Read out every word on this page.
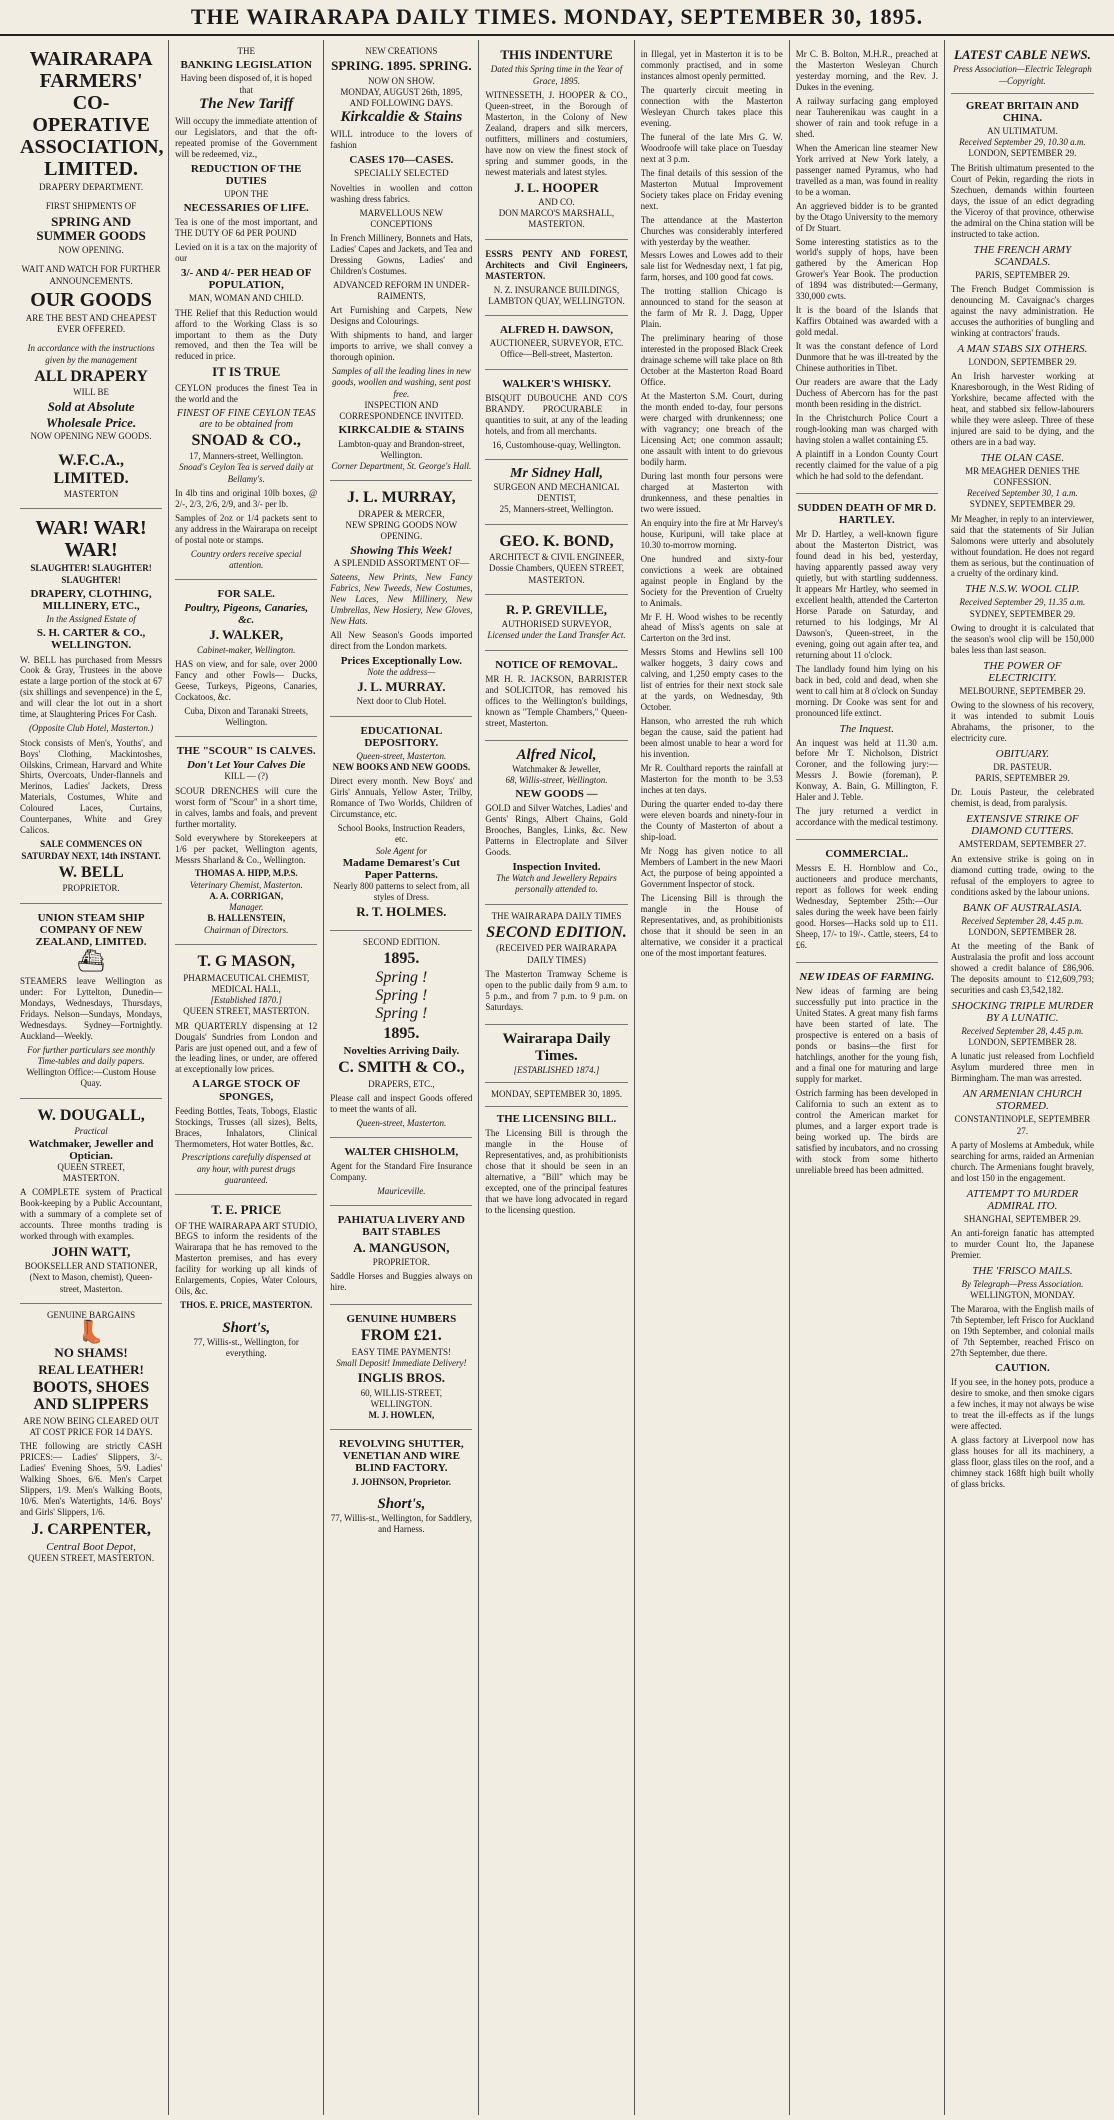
THE WAIRARAPA DAILY TIMES. MONDAY, SEPTEMBER 30, 1895.
WAIRARAPA FARMERS' CO-OPERATIVE ASSOCIATION, LIMITED.
DRAPERY DEPARTMENT.
FIRST SHIPMENTS OF
SPRING AND SUMMER GOODS
NOW OPENING.
WAIT AND WATCH FOR FURTHER ANNOUNCEMENTS.
OUR GOODS
ARE THE BEST AND CHEAPEST EVER OFFERED.
In accordance with the instructions given by the management
ALL DRAPERY
WILL BE
Sold at Absolute Wholesale Price.
NOW OPENING NEW GOODS.
W.F.C.A., LIMITED.
MASTERTON
WAR! WAR! WAR!
SLAUGHTER! SLAUGHTER! SLAUGHTER!
DRAPERY, CLOTHING, MILLINERY, ETC.,
In the Assigned Estate of
S. H. CARTER & CO., WELLINGTON.

W. BELL has purchased from Messrs Cook & Gray, Trustees in the above estate a large portion of the stock at 67 (six shillings and sevenpence) in the £, and will clear the lot out in a short time, at Slaughtering Prices For Cash.

(Opposite Club Hotel, Masterton.)

Stock consists of Men's, Youths', and Boys' Clothing, Mackintoshes, Oilskins, Crimean, Harvard and White Shirts, Overcoats, Under-flannels and Merinos, Ladies' Jackets, Dress Materials, Costumes, White and Coloured Laces, Curtains, Counterpanes, White and Grey Calicos.

SALE COMMENCES ON SATURDAY NEXT, 14th INSTANT.
W. BELL
PROPRIETOR.
UNION STEAM SHIP COMPANY OF NEW ZEALAND, LIMITED.
⛴

STEAMERS leave Wellington as under: For Lyttelton, Dunedin—Mondays, Wednesdays, Thursdays, Fridays. Nelson—Sundays, Mondays, Wednesdays. Sydney—Fortnightly. Auckland—Weekly.

For further particulars see monthly Time-tables and daily papers.
Wellington Office:—Custom House Quay.
W. DOUGALL,
Practical
Watchmaker, Jeweller and Optician.
QUEEN STREET,
MASTERTON.

A COMPLETE system of Practical Book-keeping by a Public Accountant, with a summary of a complete set of accounts. Three months trading is worked through with examples.

JOHN WATT,
BOOKSELLER AND STATIONER, (Next to Mason, chemist), Queen-street, Masterton.
GENUINE BARGAINS
👢
NO SHAMS!
REAL LEATHER!
BOOTS, SHOES AND SLIPPERS
ARE NOW BEING CLEARED OUT AT COST PRICE FOR 14 DAYS.

THE following are strictly CASH PRICES:— Ladies' Slippers, 3/-. Ladies' Evening Shoes, 5/9. Ladies' Walking Shoes, 6/6. Men's Carpet Slippers, 1/9. Men's Walking Boots, 10/6. Men's Watertights, 14/6. Boys' and Girls' Slippers, 1/6.

J. CARPENTER,
Central Boot Depot,
QUEEN STREET, MASTERTON.
THE
BANKING LEGISLATION
Having been disposed of, it is hoped that
The New Tariff

Will occupy the immediate attention of our Legislators, and that the oft-repeated promise of the Government will be redeemed, viz.,

REDUCTION OF THE DUTIES
UPON THE
NECESSARIES OF LIFE.

Tea is one of the most important, and THE DUTY OF 6d PER POUND

Levied on it is a tax on the majority of our

3/- AND 4/- PER HEAD OF POPULATION,
MAN, WOMAN AND CHILD.

THE Relief that this Reduction would afford to the Working Class is so important to them as the Duty removed, and then the Tea will be reduced in price.

IT IS TRUE

CEYLON produces the finest Tea in the world and the

FINEST OF FINE CEYLON TEAS are to be obtained from
SNOAD & CO.,
17, Manners-street, Wellington.
Snoad's Ceylon Tea is served daily at Bellamy's.

In 4lb tins and original 10lb boxes, @ 2/-, 2/3, 2/6, 2/9, and 3/- per lb.

Samples of 2oz or 1/4 packets sent to any address in the Wairarapa on receipt of postal note or stamps.

Country orders receive special attention.
FOR SALE.
Poultry, Pigeons, Canaries, &c.
J. WALKER,
Cabinet-maker, Wellington.

HAS on view, and for sale, over 2000 Fancy and other Fowls— Ducks, Geese, Turkeys, Pigeons, Canaries, Cockatoos, &c.

Cuba, Dixon and Taranaki Streets, Wellington.
THE "SCOUR" IS CALVES.
Don't Let Your Calves Die
KILL — (?)

SCOUR DRENCHES will cure the worst form of "Scour" in a short time, in calves, lambs and foals, and prevent further mortality.

Sold everywhere by Storekeepers at 1/6 per packet, Wellington agents, Messrs Sharland & Co., Wellington.

THOMAS A. HIPP, M.P.S.
Veterinary Chemist, Masterton.
A. A. CORRIGAN,
Manager.
B. HALLENSTEIN,
Chairman of Directors.
T. G MASON,
PHARMACEUTICAL CHEMIST,
MEDICAL HALL,
[Established 1870.]
QUEEN STREET, MASTERTON.

MR QUARTERLY dispensing at 12 Dougals' Sundries from London and Paris are just opened out, and a few of the leading lines, or under, are offered at exceptionally low prices.

A LARGE STOCK OF SPONGES,

Feeding Bottles, Teats, Tobogs, Elastic Stockings, Trusses (all sizes), Belts, Braces, Inhalators, Clinical Thermometers, Hot water Bottles, &c.

Prescriptions carefully dispensed at any hour, with purest drugs guaranteed.
T. E. PRICE

OF THE WAIRARAPA ART STUDIO, BEGS to inform the residents of the Wairarapa that he has removed to the Masterton premises, and has every facility for working up all kinds of Enlargements, Copies, Water Colours, Oils, &c.

THOS. E. PRICE, MASTERTON.
Short's,
77, Willis-st., Wellington, for everything.
NEW CREATIONS
SPRING. 1895. SPRING.
NOW ON SHOW.
MONDAY, AUGUST 26th, 1895,
AND FOLLOWING DAYS.
Kirkcaldie & Stains

WILL introduce to the lovers of fashion

CASES 170—CASES.
SPECIALLY SELECTED

Novelties in woollen and cotton washing dress fabrics.

MARVELLOUS NEW CONCEPTIONS

In French Millinery, Bonnets and Hats, Ladies' Capes and Jackets, and Tea and Dressing Gowns, Ladies' and Children's Costumes.

ADVANCED REFORM IN UNDER-RAIMENTS,

Art Furnishing and Carpets, New Designs and Colourings.

With shipments to hand, and larger imports to arrive, we shall convey a thorough opinion.

Samples of all the leading lines in new goods, woollen and washing, sent post free.
INSPECTION AND CORRESPONDENCE INVITED.
KIRKCALDIE & STAINS
Lambton-quay and Brandon-street, Wellington.
Corner Department, St. George's Hall.
J. L. MURRAY,
DRAPER & MERCER,
NEW SPRING GOODS NOW OPENING.
Showing This Week!
A SPLENDID ASSORTMENT OF—

Sateens, New Prints, New Fancy Fabrics, New Tweeds, New Costumes, New Laces, New Millinery, New Umbrellas, New Hosiery, New Gloves, New Hats.

All New Season's Goods imported direct from the London markets.

Prices Exceptionally Low.
Note the address—
J. L. MURRAY.
Next door to Club Hotel.
EDUCATIONAL DEPOSITORY.
Queen-street, Masterton.
NEW BOOKS AND NEW GOODS.

Direct every month. New Boys' and Girls' Annuals, Yellow Aster, Trilby, Romance of Two Worlds, Children of Circumstance, etc.

School Books, Instruction Readers, etc.
Sole Agent for
Madame Demarest's Cut Paper Patterns.
Nearly 800 patterns to select from, all styles of Dress.
R. T. HOLMES.
SECOND EDITION.
1895.
Spring !
Spring !
Spring !
1895.
Novelties Arriving Daily.
C. SMITH & CO.,
DRAPERS, ETC.,

Please call and inspect Goods offered to meet the wants of all.

Queen-street, Masterton.
WALTER CHISHOLM,

Agent for the Standard Fire Insurance Company.

Mauriceville.
PAHIATUA LIVERY AND BAIT STABLES
A. MANGUSON,
PROPRIETOR.

Saddle Horses and Buggies always on hire.

GENUINE HUMBERS
FROM £21.
EASY TIME PAYMENTS!
Small Deposit! Immediate Delivery!
INGLIS BROS.
60, WILLIS-STREET, WELLINGTON.
M. J. HOWLEN,
REVOLVING SHUTTER, VENETIAN AND WIRE BLIND FACTORY.
J. JOHNSON, Proprietor.
Short's,
77, Willis-st., Wellington, for Saddlery, and Harness.
THIS INDENTURE
Dated this Spring time in the Year of Grace, 1895.

WITNESSETH, J. HOOPER & CO., Queen-street, in the Borough of Masterton, in the Colony of New Zealand, drapers and silk mercers, outfitters, milliners and costumiers, have now on view the finest stock of spring and summer goods, in the newest materials and latest styles.

J. L. HOOPER
AND CO.
DON MARCO'S MARSHALL, MASTERTON.

ESSRS PENTY AND FOREST, Architects and Civil Engineers, MASTERTON.

N. Z. INSURANCE BUILDINGS, LAMBTON QUAY, WELLINGTON.
ALFRED H. DAWSON,
AUCTIONEER, SURVEYOR, ETC.
Office—Bell-street, Masterton.
WALKER'S WHISKY.

BISQUIT DUBOUCHE AND CO'S BRANDY. PROCURABLE in quantities to suit, at any of the leading hotels, and from all merchants.

16, Customhouse-quay, Wellington.
Mr Sidney Hall,
SURGEON AND MECHANICAL DENTIST,
25, Manners-street, Wellington.
GEO. K. BOND,
ARCHITECT & CIVIL ENGINEER,
Dossie Chambers, QUEEN STREET, MASTERTON.
R. P. GREVILLE,
AUTHORISED SURVEYOR,
Licensed under the Land Transfer Act.
NOTICE OF REMOVAL.

MR H. R. JACKSON, BARRISTER and SOLICITOR, has removed his offices to the Wellington's buildings, known as "Temple Chambers," Queen-street, Masterton.

Alfred Nicol,
Watchmaker & Jeweller,
68, Willis-street, Wellington.
NEW GOODS —

GOLD and Silver Watches, Ladies' and Gents' Rings, Albert Chains, Gold Brooches, Bangles, Links, &c. New Patterns in Electroplate and Silver Goods.

Inspection Invited.
The Watch and Jewellery Repairs personally attended to.
THE WAIRARAPA DAILY TIMES
SECOND EDITION.
(RECEIVED PER WAIRARAPA DAILY TIMES)

The Masterton Tramway Scheme is open to the public daily from 9 a.m. to 5 p.m., and from 7 p.m. to 9 p.m. on Saturdays.

Wairarapa Daily Times.
[ESTABLISHED 1874.]
MONDAY, SEPTEMBER 30, 1895.
THE LICENSING BILL.

The Licensing Bill is through the mangle in the House of Representatives, and, as prohibitionists chose that it should be seen in an alternative, a "Bill" which may be excepted, one of the principal features that we have long advocated in regard to the licensing question.

in Illegal, yet in Masterton it is to be commonly practised, and in some instances almost openly permitted.

The quarterly circuit meeting in connection with the Masterton Wesleyan Church takes place this evening.

The funeral of the late Mrs G. W. Woodroofe will take place on Tuesday next at 3 p.m.

The final details of this session of the Masterton Mutual Improvement Society takes place on Friday evening next.

The attendance at the Masterton Churches was considerably interfered with yesterday by the weather.

Messrs Lowes and Lowes add to their sale list for Wednesday next, 1 fat pig, farm, horses, and 100 good fat cows.

The trotting stallion Chicago is announced to stand for the season at the farm of Mr R. J. Dagg, Upper Plain.

The preliminary hearing of those interested in the proposed Black Creek drainage scheme will take place on 8th October at the Masterton Road Board Office.

At the Masterton S.M. Court, during the month ended to-day, four persons were charged with drunkenness; one with vagrancy; one breach of the Licensing Act; one common assault; one assault with intent to do grievous bodily harm.

During last month four persons were charged at Masterton with drunkenness, and these penalties in two were issued.

An enquiry into the fire at Mr Harvey's house, Kuripuni, will take place at 10.30 to-morrow morning.

One hundred and sixty-four convictions a week are obtained against people in England by the Society for the Prevention of Cruelty to Animals.

Mr F. H. Wood wishes to be recently ahead of Miss's agents on sale at Carterton on the 3rd inst.

Messrs Stoms and Hewlins sell 100 walker hoggets, 3 dairy cows and calving, and 1,250 empty cases to the list of entries for their next stock sale at the yards, on Wednesday, 9th October.

Hanson, who arrested the ruh which began the cause, said the patient had been almost unable to hear a word for his invention.

Mr R. Coulthard reports the rainfall at Masterton for the month to be 3.53 inches at ten days.

During the quarter ended to-day there were eleven boards and ninety-four in the County of Masterton of about a ship-load.

Mr Nogg has given notice to all Members of Lambert in the new Maori Act, the purpose of being appointed a Government Inspector of stock.

The Licensing Bill is through the mangle in the House of Representatives, and, as prohibitionists chose that it should be seen in an alternative, we consider it a practical one of the most important features.

Mr C. B. Bolton, M.H.R., preached at the Masterton Wesleyan Church yesterday morning, and the Rev. J. Dukes in the evening.

A railway surfacing gang employed near Tauherenikau was caught in a shower of rain and took refuge in a shed.

When the American line steamer New York arrived at New York lately, a passenger named Pyramus, who had travelled as a man, was found in reality to be a woman.

An aggrieved bidder is to be granted by the Otago University to the memory of Dr Stuart.

Some interesting statistics as to the world's supply of hops, have been gathered by the American Hop Grower's Year Book. The production of 1894 was distributed:—Germany, 330,000 cwts.

It is the board of the Islands that Kaffirs Obtained was awarded with a gold medal.

It was the constant defence of Lord Dunmore that he was ill-treated by the Chinese authorities in Tibet.

Our readers are aware that the Lady Duchess of Abercorn has for the past month been residing in the district.

In the Christchurch Police Court a rough-looking man was charged with having stolen a wallet containing £5.

A plaintiff in a London County Court recently claimed for the value of a pig which he had sold to the defendant.

SUDDEN DEATH OF MR D. HARTLEY.

Mr D. Hartley, a well-known figure about the Masterton District, was found dead in his bed, yesterday, having apparently passed away very quietly, but with startling suddenness. It appears Mr Hartley, who seemed in excellent health, attended the Carterton Horse Parade on Saturday, and returned to his lodgings, Mr Al Dawson's, Queen-street, in the evening, going out again after tea, and returning about 11 o'clock.

The landlady found him lying on his back in bed, cold and dead, when she went to call him at 8 o'clock on Sunday morning. Dr Cooke was sent for and pronounced life extinct.

The Inquest.

An inquest was held at 11.30 a.m. before Mr T. Nicholson, District Coroner, and the following jury:— Messrs J. Bowie (foreman), P. Konway, A. Bain, G. Millington, F. Haler and J. Teble.

The jury returned a verdict in accordance with the medical testimony.

COMMERCIAL.

Messrs E. H. Hornblow and Co., auctioneers and produce merchants, report as follows for week ending Wednesday, September 25th:—Our sales during the week have been fairly good. Horses—Hacks sold up to £11. Sheep, 17/- to 19/-. Cattle, steers, £4 to £6.

NEW IDEAS OF FARMING.

New ideas of farming are being successfully put into practice in the United States. A great many fish farms have been started of late. The prospective is entered on a basis of ponds or basins—the first for hatchlings, another for the young fish, and a final one for maturing and large supply for market.

Ostrich farming has been developed in California to such an extent as to control the American market for plumes, and a larger export trade is being worked up. The birds are satisfied by incubators, and no crossing with stock from some hitherto unreliable breed has been admitted.

LATEST CABLE NEWS.
Press Association—Electric Telegraph—Copyright.
GREAT BRITAIN AND CHINA.
AN ULTIMATUM.
Received September 29, 10.30 a.m.
LONDON, SEPTEMBER 29.

The British ultimatum presented to the Court of Pekin, regarding the riots in Szechuen, demands within fourteen days, the issue of an edict degrading the Viceroy of that province, otherwise the admiral on the China station will be instructed to take action.

THE FRENCH ARMY SCANDALS.
PARIS, SEPTEMBER 29.

The French Budget Commission is denouncing M. Cavaignac's charges against the navy administration. He accuses the authorities of bungling and winking at contractors' frauds.

A MAN STABS SIX OTHERS.
LONDON, SEPTEMBER 29.

An Irish harvester working at Knaresborough, in the West Riding of Yorkshire, became affected with the heat, and stabbed six fellow-labourers while they were asleep. Three of these injured are said to be dying, and the others are in a bad way.

THE OLAN CASE.
MR MEAGHER DENIES THE CONFESSION.
Received September 30, 1 a.m.
SYDNEY, SEPTEMBER 29.

Mr Meagher, in reply to an interviewer, said that the statements of Sir Julian Salomons were utterly and absolutely without foundation. He does not regard them as serious, but the continuation of a cruelty of the ordinary kind.

THE N.S.W. WOOL CLIP.
Received September 29, 11.35 a.m.
SYDNEY, SEPTEMBER 29.

Owing to drought it is calculated that the season's wool clip will be 150,000 bales less than last season.

THE POWER OF ELECTRICITY.
MELBOURNE, SEPTEMBER 29.

Owing to the slowness of his recovery, it was intended to submit Louis Abrahams, the prisoner, to the electricity cure.

OBITUARY.
DR. PASTEUR.
PARIS, SEPTEMBER 29.

Dr. Louis Pasteur, the celebrated chemist, is dead, from paralysis.

EXTENSIVE STRIKE OF DIAMOND CUTTERS.
AMSTERDAM, SEPTEMBER 27.

An extensive strike is going on in diamond cutting trade, owing to the refusal of the employers to agree to conditions asked by the labour unions.

BANK OF AUSTRALASIA.
Received September 28, 4.45 p.m.
LONDON, SEPTEMBER 28.

At the meeting of the Bank of Australasia the profit and loss account showed a credit balance of £86,906. The deposits amount to £12,609,793; securities and cash £3,542,182.

SHOCKING TRIPLE MURDER BY A LUNATIC.
Received September 28, 4.45 p.m.
LONDON, SEPTEMBER 28.

A lunatic just released from Lochfield Asylum murdered three men in Birmingham. The man was arrested.

AN ARMENIAN CHURCH STORMED.
CONSTANTINOPLE, SEPTEMBER 27.

A party of Moslems at Ambeduk, while searching for arms, raided an Armenian church. The Armenians fought bravely, and lost 150 in the engagement.

ATTEMPT TO MURDER ADMIRAL ITO.
SHANGHAI, SEPTEMBER 29.

An anti-foreign fanatic has attempted to murder Count Ito, the Japanese Premier.

THE 'FRISCO MAILS.
By Telegraph—Press Association.
WELLINGTON, MONDAY.

The Mararoa, with the English mails of 7th September, left Frisco for Auckland on 19th September, and colonial mails of 7th September, reached Frisco on 27th September, due there.

CAUTION.

If you see, in the honey pots, produce a desire to smoke, and then smoke cigars a few inches, it may not always be wise to treat the ill-effects as if the lungs were affected.

A glass factory at Liverpool now has glass houses for all its machinery, a glass floor, glass tiles on the roof, and a chimney stack 168ft high built wholly of glass bricks.
